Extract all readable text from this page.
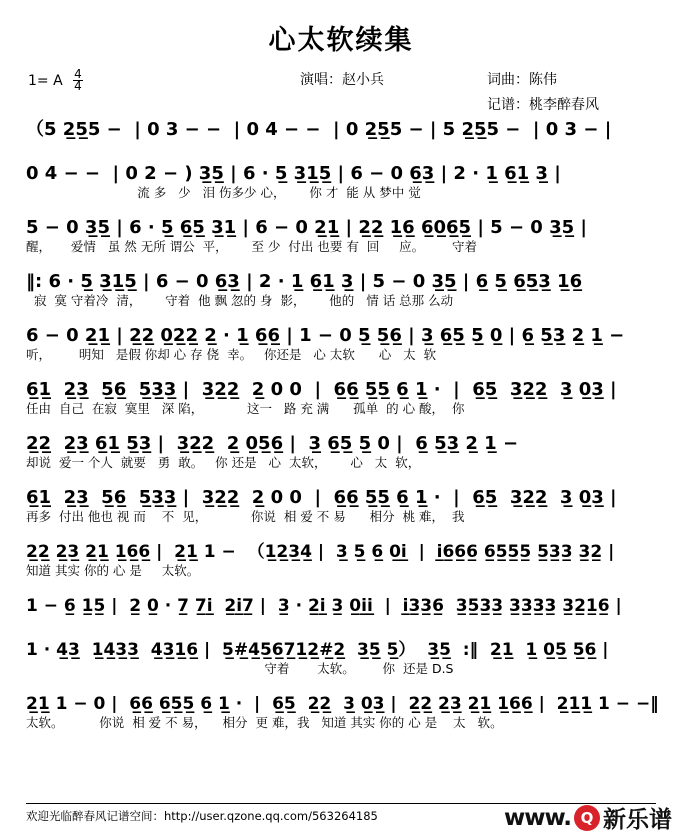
心太软续集
1= A $\frac{4}{4}$	演唱：赵小兵	词曲：陈伟
记谱：桃李醉春风
（5 2̲5̲5 −  | 0 3 − −  | 0 4 − −  | 0 2̲5̲5 − | 5 2̲5̲5 −  | 0 3 − |
0 4 − −  | 0 2 − ) 3̲5̲ | 6 · 5̲ 3̲1̲5̲ | 6 − 0 6̲3̲ | 2 · 1̲ 6̲1̲ 3̲ |
流 多   少   泪 伤多少 心，      你 才  能 从 梦中 觉
5 − 0 3̲5̲ | 6 · 5̲ 6̲5̲ 3̲1̲ | 6 − 0 2̲1̲ | 2̲2̲ 1̲6̲ 6̲0̲6̲5̲ | 5 − 0 3̲5̲ |
醒，     爱情   虽 然 无所 谓公  平，      至 少  付出 也要 有  回     应。       守着
‖: 6 · 5̲ 3̲1̲5̲ | 6 − 0 6̲3̲ | 2 · 1̲ 6̲1̲ 3̲ | 5 − 0 3̲5̲ | 6̲ 5̲ 6̲5̲3̲ 1̲6̲
寂  寞 守着冷  清，      守着  他 飘 忽的 身  影，      他的   情 话 总那 么动
6 − 0 2̲1̲ | 2̲2̲ 0̲2̲2̲ 2̲ · 1̲ 6̲6̲ | 1 − 0 5̲ 5̲6̲ | 3̲ 6̲5̲ 5̲ 0̲ | 6̲ 5̲3̲ 2̲ 1̲ −
听，       明知   是假 你却 心 存 侥  幸。   你还是   心 太软      心   太  软
6̲1̲  2̲3̲  5̲6̲  5̲3̲3̲ |  3̲2̲2̲  2̲ 0 0  |  6̲6̲ 5̲5̲ 6̲ 1̲ ·  |  6̲5̲  3̲2̲2̲  3̲ 0̲3̲ |
任由  自己  在寂  寞里   深 陷，           这一   路 充 满      孤单  的 心 酸，  你
2̲2̲  2̲3̲ 6̲1̲ 5̲3̲ |  3̲2̲2̲  2̲ 0̲5̲6̲ |  3̲ 6̲5̲ 5̲ 0 |  6̲ 5̲3̲ 2̲ 1̲ −
却说  爱一 个人  就要   勇  敢。   你 还是   心  太软，      心   太  软，
6̲1̲  2̲3̲  5̲6̲  5̲3̲3̲ |  3̲2̲2̲  2̲ 0 0  |  6̲6̲ 5̲5̲ 6̲ 1̲ ·  |  6̲5̲  3̲2̲2̲  3̲ 0̲3̲ |
再多  付出 他也 视 而    不  见，           你说  相 爱 不 易      相分  桃 难，  我
2̲2̲ 2̲3̲ 2̲1̲ 1̲6̲6̲ |  2̲1̲ 1 −  （1̲2̲3̲4̲ |  3̲ 5̲ 6̲ 0̲i̲  |  i̲6̲6̲6̲ 6̲5̲5̲5̲ 5̲3̲3̲ 3̲2̲ |
知道 其实 你的 心 是     太软。
1 − 6̲ 1̲5̲ |  2̲ 0̲ · 7̲ 7̲i̲  2̲i̲7̲ |  3̲ · 2̲i̲ 3̲ 0̲i̲i̲  |  i̲3̲3̲6̲  3̲5̲3̲3̲ 3̲3̲3̲3̲ 3̲2̲1̲6̲ |
1 · 4̲3̲  1̲4̲3̲3̲  4̲3̲1̲6̲ |  5̲#̲4̲5̲6̲7̲1̲2̲#̲2̲  3̲5̲ 5̲）  3̲5̲  :‖  2̲1̲  1̲ 0̲5̲ 5̲6̲ |
守着       太软。       你  还是 D.S
2̲1̲ 1 − 0 |  6̲6̲ 6̲5̲5̲ 6̲ 1̲ ·  |  6̲5̲  2̲2̲  3̲ 0̲3̲ |  2̲2̲ 2̲3̲ 2̲1̲ 1̲6̲6̲ |  2̲1̲1̲ 1 − −‖
太软。         你说  相 爱 不 易，    相分  更 难，我   知道 其实 你的 心 是    太   软。
欢迎光临醉春风记谱空间：http://user.qzone.qq.com/563264185	www. Q 新乐谱
